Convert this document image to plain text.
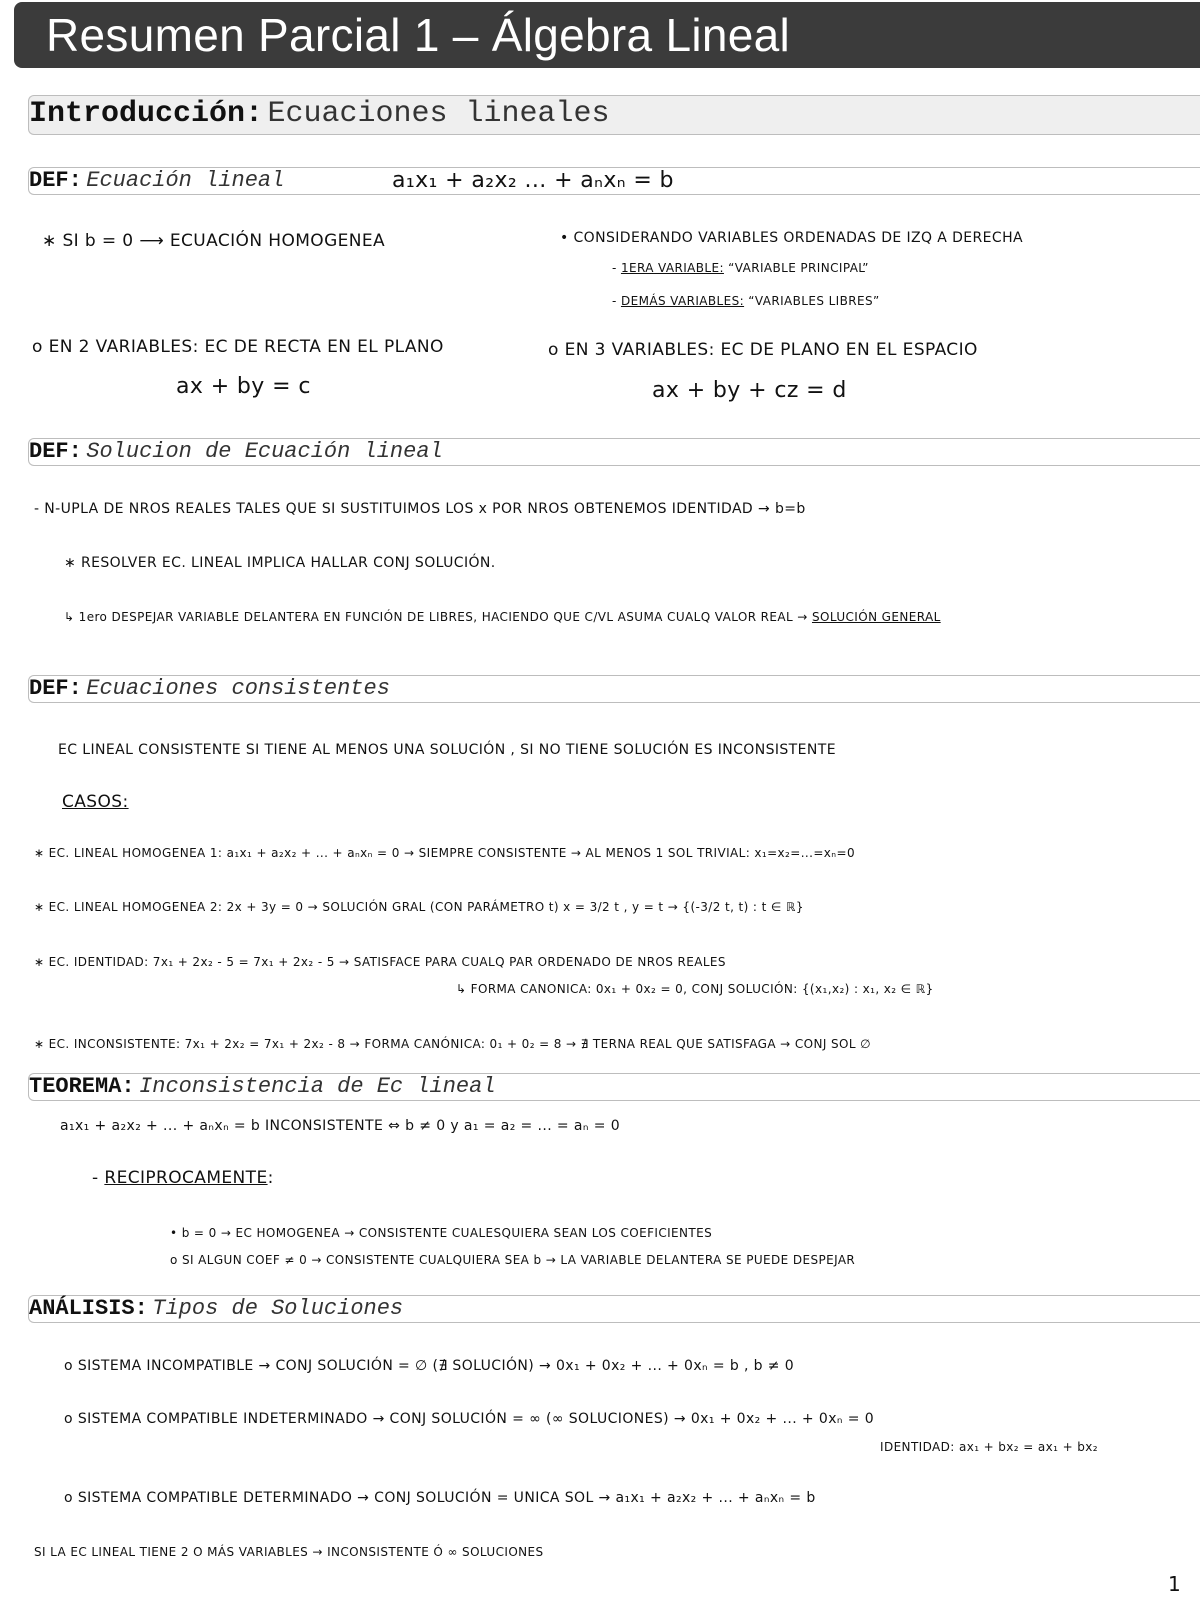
Resumen Parcial 1 – Álgebra Lineal
Introducción: Ecuaciones lineales
DEF: Ecuación lineal	a₁x₁ + a₂x₂ ... + aₙxₙ = b
∗ SI b = 0 ⟶ ECUACIÓN HOMOGENEA	• CONSIDERANDO VARIABLES ORDENADAS DE IZQ A DERECHA
- 1ERA VARIABLE: “VARIABLE PRINCIPAL”
- DEMÁS VARIABLES: “VARIABLES LIBRES”
o EN 2 VARIABLES: EC DE RECTA EN EL PLANO
ax + by = c
o EN 3 VARIABLES: EC DE PLANO EN EL ESPACIO
ax + by + cz = d
DEF: Solucion de Ecuación lineal
- N-UPLA DE NROS REALES TALES QUE SI SUSTITUIMOS LOS x POR NROS OBTENEMOS IDENTIDAD → b=b
∗ RESOLVER EC. LINEAL IMPLICA HALLAR CONJ SOLUCIÓN.
↳ 1ero DESPEJAR VARIABLE DELANTERA EN FUNCIÓN DE LIBRES, HACIENDO QUE C/VL ASUMA CUALQ VALOR REAL → SOLUCIÓN GENERAL
DEF: Ecuaciones consistentes
EC LINEAL CONSISTENTE SI TIENE AL MENOS UNA SOLUCIÓN , SI NO TIENE SOLUCIÓN ES INCONSISTENTE
CASOS:
∗ EC. LINEAL HOMOGENEA 1: a₁x₁ + a₂x₂ + ... + aₙxₙ = 0 → SIEMPRE CONSISTENTE → AL MENOS 1 SOL TRIVIAL: x₁=x₂=...=xₙ=0
∗ EC. LINEAL HOMOGENEA 2: 2x + 3y = 0 → SOLUCIÓN GRAL (CON PARÁMETRO t) x = 3/2 t , y = t → {(-3/2 t, t) : t ∈ ℝ}
∗ EC. IDENTIDAD: 7x₁ + 2x₂ - 5 = 7x₁ + 2x₂ - 5 → SATISFACE PARA CUALQ PAR ORDENADO DE NROS REALES
↳ FORMA CANONICA: 0x₁ + 0x₂ = 0, CONJ SOLUCIÓN: {(x₁,x₂) : x₁, x₂ ∈ ℝ}
∗ EC. INCONSISTENTE: 7x₁ + 2x₂ = 7x₁ + 2x₂ - 8 → FORMA CANÓNICA: 0₁ + 0₂ = 8 → ∄ TERNA REAL QUE SATISFAGA → CONJ SOL ∅
TEOREMA: Inconsistencia de Ec lineal
a₁x₁ + a₂x₂ + ... + aₙxₙ = b INCONSISTENTE ⇔ b ≠ 0 y a₁ = a₂ = ... = aₙ = 0
- RECIPROCAMENTE:
• b = 0 → EC HOMOGENEA → CONSISTENTE CUALESQUIERA SEAN LOS COEFICIENTES
o SI ALGUN COEF ≠ 0 → CONSISTENTE CUALQUIERA SEA b → LA VARIABLE DELANTERA SE PUEDE DESPEJAR
ANÁLISIS: Tipos de Soluciones
o SISTEMA INCOMPATIBLE → CONJ SOLUCIÓN = ∅ (∄ SOLUCIÓN) → 0x₁ + 0x₂ + ... + 0xₙ = b , b ≠ 0
o SISTEMA COMPATIBLE INDETERMINADO → CONJ SOLUCIÓN = ∞ (∞ SOLUCIONES) → 0x₁ + 0x₂ + ... + 0xₙ = 0
IDENTIDAD: ax₁ + bx₂ = ax₁ + bx₂
o SISTEMA COMPATIBLE DETERMINADO → CONJ SOLUCIÓN = UNICA SOL → a₁x₁ + a₂x₂ + ... + aₙxₙ = b
SI LA EC LINEAL TIENE 2 O MÁS VARIABLES → INCONSISTENTE Ó ∞ SOLUCIONES
1
